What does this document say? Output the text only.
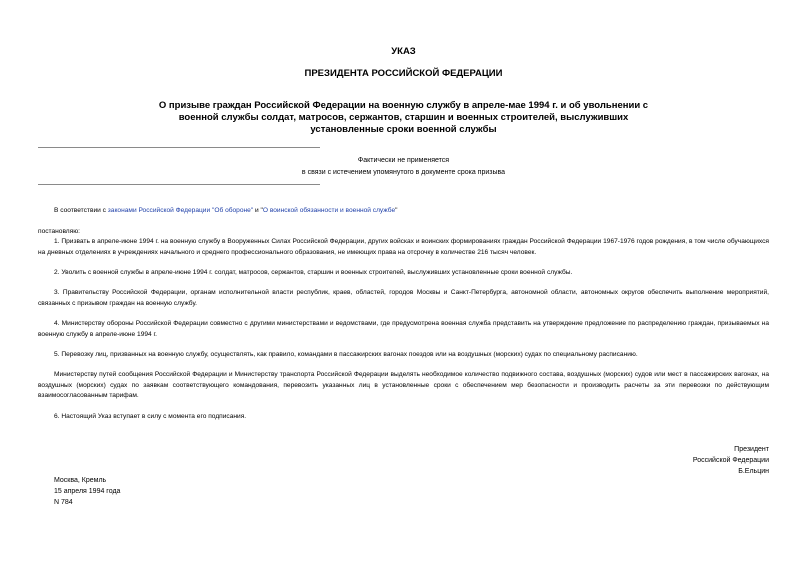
УКАЗ
ПРЕЗИДЕНТА РОССИЙСКОЙ ФЕДЕРАЦИИ
О призыве граждан Российской Федерации на военную службу в апреле-мае 1994 г. и об увольнении с военной службы солдат, матросов, сержантов, старшин и военных строителей, выслуживших установленные сроки военной службы
Фактически не применяется
в связи с истечением упомянутого в документе срока призыва
В соответствии с законами Российской Федерации "Об обороне" и "О воинской обязанности и военной службе"
постановляю:
1. Призвать в апреле-июне 1994 г. на военную службу в Вооруженных Силах Российской Федерации, других войсках и воинских формированиях граждан Российской Федерации 1967-1976 годов рождения, в том числе обучающихся на дневных отделениях в учреждениях начального и среднего профессионального образования, не имеющих права на отсрочку в количестве 216 тысяч человек.
2. Уволить с военной службы в апреле-июне 1994 г. солдат, матросов, сержантов, старшин и военных строителей, выслуживших установленные сроки военной службы.
3. Правительству Российской Федерации, органам исполнительной власти республик, краев, областей, городов Москвы и Санкт-Петербурга, автономной области, автономных округов обеспечить выполнение мероприятий, связанных с призывом граждан на военную службу.
4. Министерству обороны Российской Федерации совместно с другими министерствами и ведомствами, где предусмотрена военная служба представить на утверждение предложение по распределению граждан, призываемых на военную службу в апреле-июне 1994 г.
5. Перевозку лиц, призванных на военную службу, осуществлять, как правило, командами в пассажирских вагонах поездов или на воздушных (морских) судах по специальному расписанию.
Министерству путей сообщения Российской Федерации и Министерству транспорта Российской Федерации выделять необходимое количество подвижного состава, воздушных (морских) судов или мест в пассажирских вагонах, на воздушных (морских) судах по заявкам соответствующего командования, перевозить указанных лиц в установленные сроки с обеспечением мер безопасности и производить расчеты за эти перевозки по действующим взаимосогласованным тарифам.
6. Настоящий Указ вступает в силу с момента его подписания.
Президент
Российской Федерации
Б.Ельцин
Москва, Кремль
15 апреля 1994 года
N 784
